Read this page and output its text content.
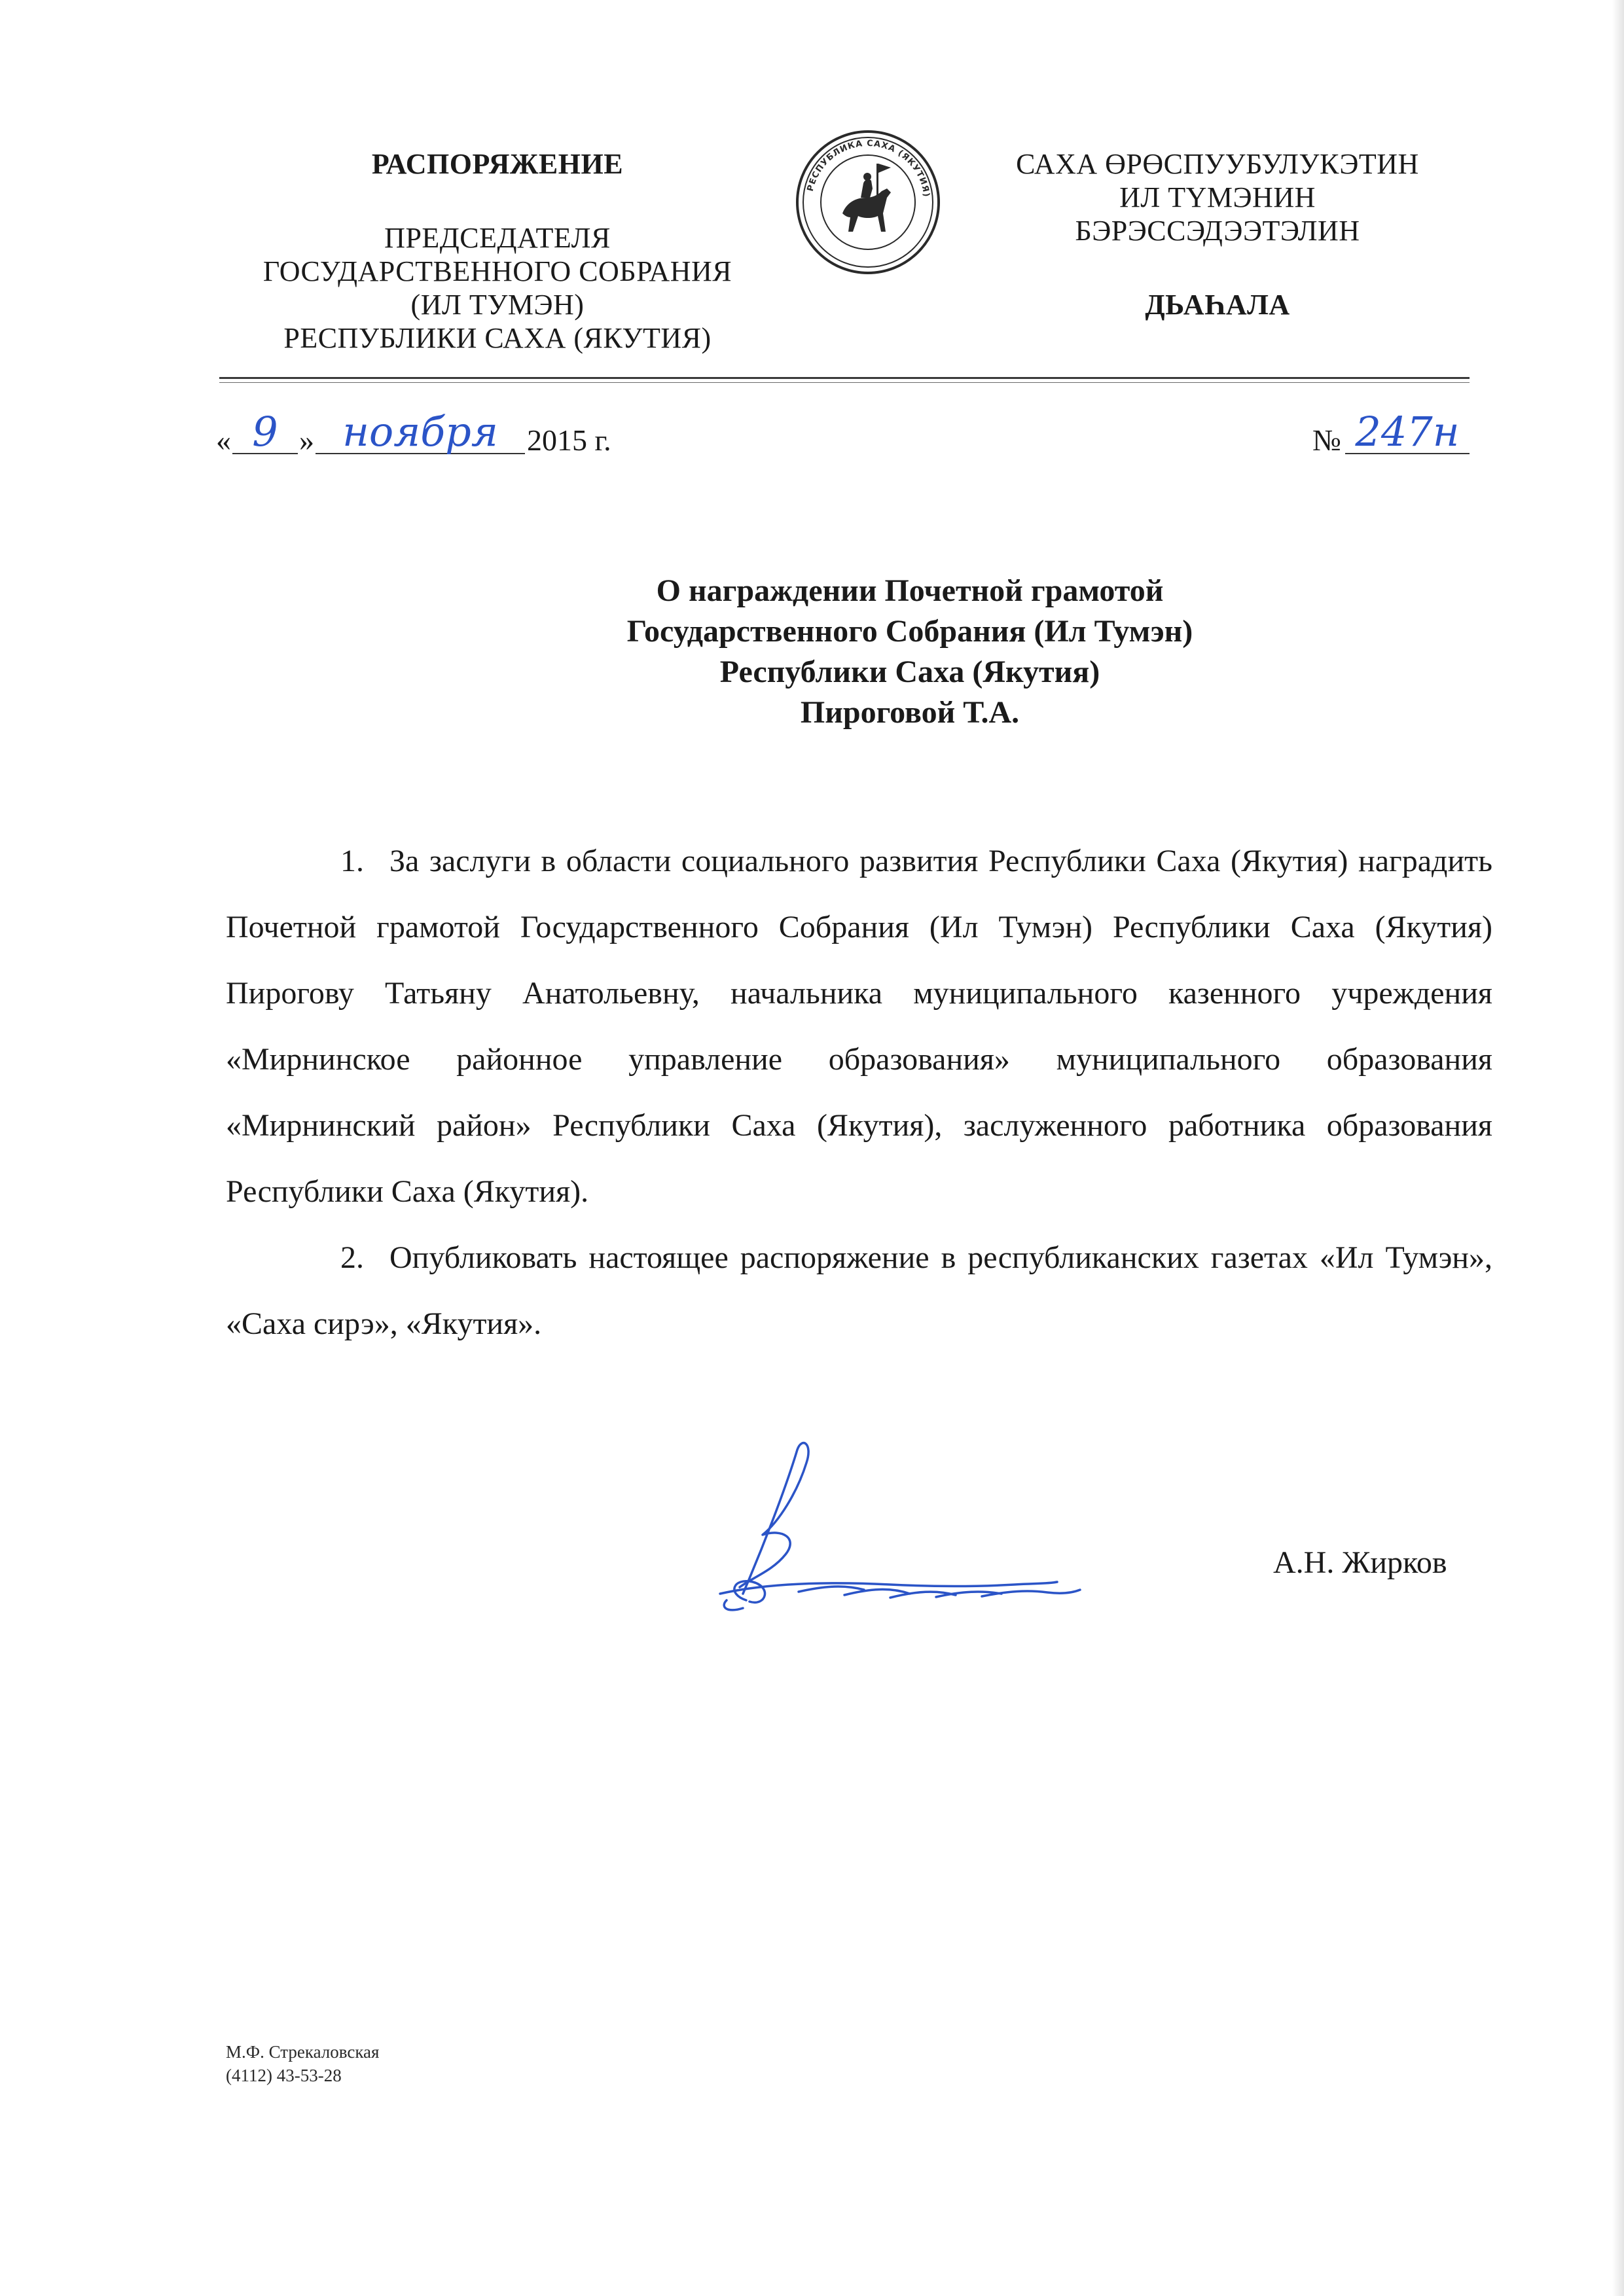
РАСПОРЯЖЕНИЕ
ПРЕДСЕДАТЕЛЯ
ГОСУДАРСТВЕННОГО СОБРАНИЯ
(ИЛ ТУМЭН)
РЕСПУБЛИКИ САХА (ЯКУТИЯ)
РЕСПУБЛИКА САХА (ЯКУТИЯ)
САХА ӨРӨСПУУБУЛУКЭТИН
ИЛ ТҮМЭНИН
БЭРЭССЭДЭЭТЭЛИН
ДЬАҺАЛА
« 9 » ноября 2015 г.	№ 247н
О награждении Почетной грамотой
Государственного Собрания (Ил Тумэн)
Республики Саха (Якутия)
Пироговой Т.А.

1. За заслуги в области социального развития Республики Саха (Якутия) наградить Почетной грамотой Государственного Собрания (Ил Тумэн) Республики Саха (Якутия) Пирогову Татьяну Анатольевну, начальника муниципального казенного учреждения «Мирнинское районное управление образования» муниципального образования «Мирнинский район» Республики Саха (Якутия), заслуженного работника образования Республики Саха (Якутия).

2. Опубликовать настоящее распоряжение в республиканских газетах «Ил Тумэн», «Саха сирэ», «Якутия».

А.Н. Жирков
М.Ф. Стрекаловская
(4112) 43-53-28
